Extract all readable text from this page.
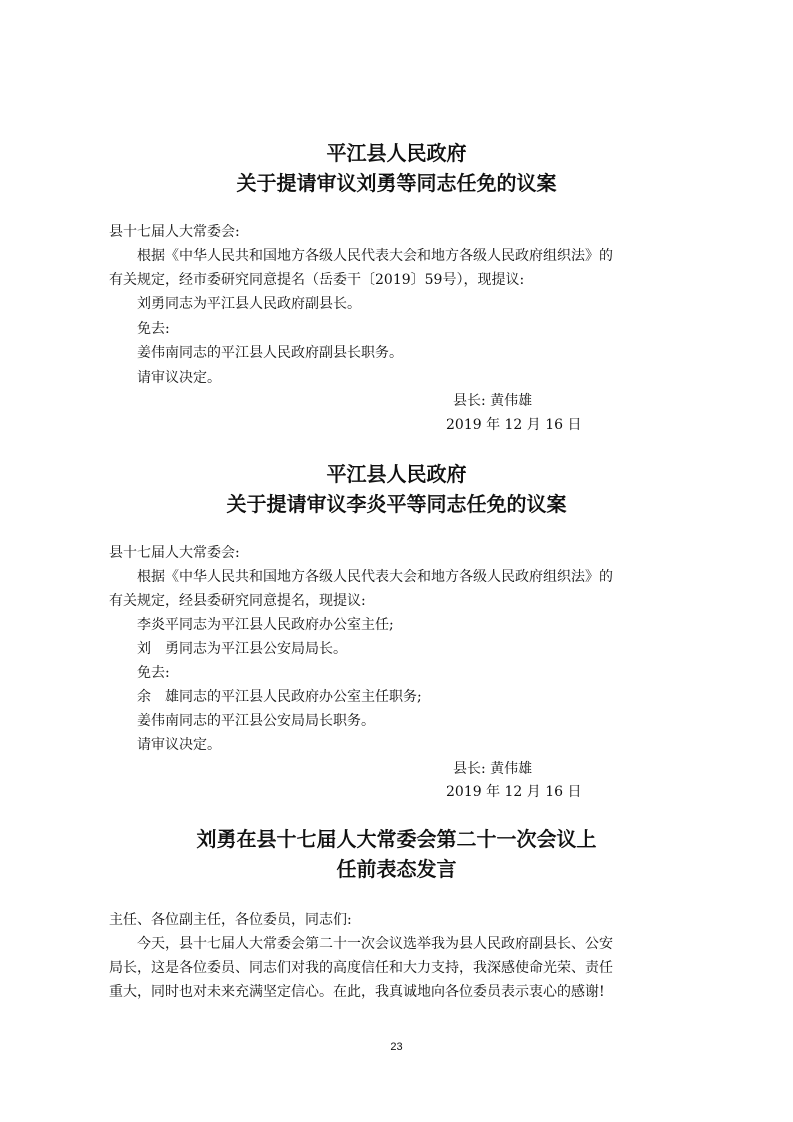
平江县人民政府
关于提请审议刘勇等同志任免的议案
县十七届人大常委会:
根据《中华人民共和国地方各级人民代表大会和地方各级人民政府组织法》的
有关规定，经市委研究同意提名（岳委干〔2019〕59号），现提议:
刘勇同志为平江县人民政府副县长。
免去:
姜伟南同志的平江县人民政府副县长职务。
请审议决定。
县长: 黄伟雄
2019 年 12 月 16 日
平江县人民政府
关于提请审议李炎平等同志任免的议案
县十七届人大常委会:
根据《中华人民共和国地方各级人民代表大会和地方各级人民政府组织法》的
有关规定，经县委研究同意提名，现提议:
李炎平同志为平江县人民政府办公室主任;
刘　勇同志为平江县公安局局长。
免去:
余　雄同志的平江县人民政府办公室主任职务;
姜伟南同志的平江县公安局局长职务。
请审议决定。
县长: 黄伟雄
2019 年 12 月 16 日
刘勇在县十七届人大常委会第二十一次会议上
任前表态发言
主任、各位副主任，各位委员，同志们:
今天，县十七届人大常委会第二十一次会议选举我为县人民政府副县长、公安
局长，这是各位委员、同志们对我的高度信任和大力支持，我深感使命光荣、责任
重大，同时也对未来充满坚定信心。在此，我真诚地向各位委员表示衷心的感谢!
23
